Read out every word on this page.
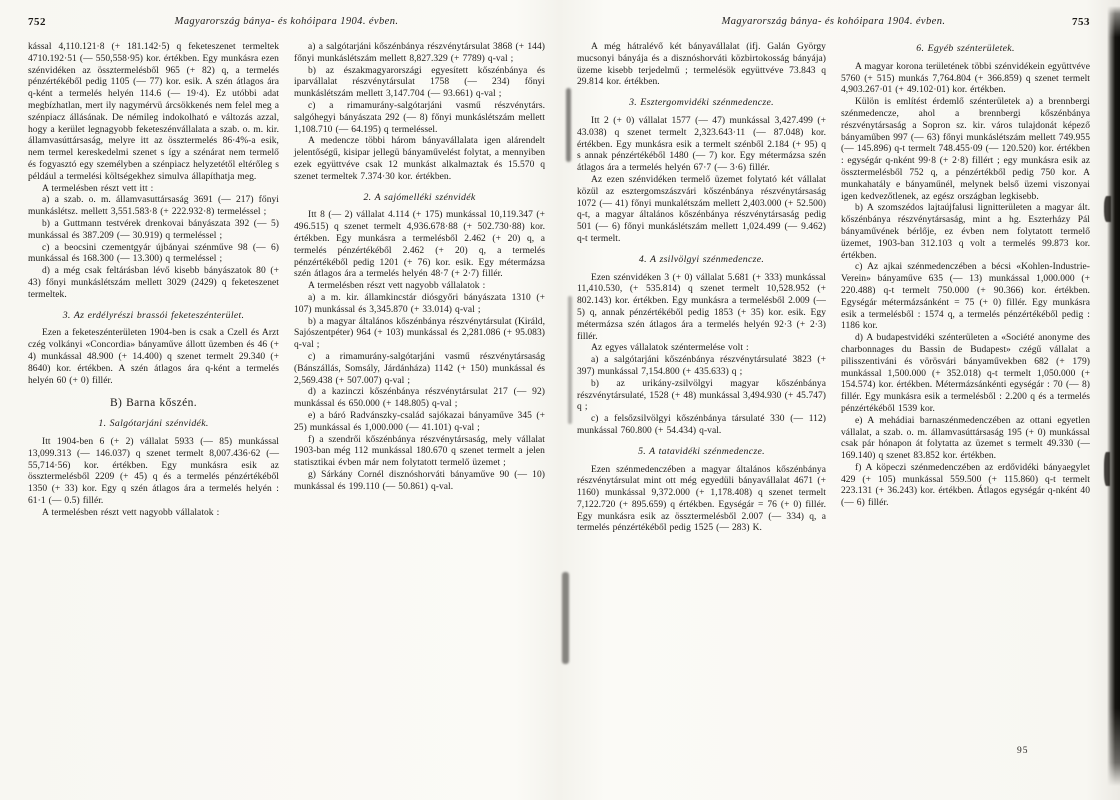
752	Magyarország bánya- és kohóipara 1904. évben.

kással 4,110.121·8 (+ 181.142·5) q feketeszenet termeltek 4710.192·51 (— 550,558·95) kor. értékben. Egy munkásra ezen szénvidéken az össztermelésből 965 (+ 82) q, a termelés pénzértékéből pedig 1105 (— 77) kor. esik. A szén átlagos ára q-ként a termelés helyén 114.6 (— 19·4). Ez utóbbi adat megbízhatlan, mert ily nagymérvü árcsökkenés nem felel meg a szénpiacz állásának. De némileg indokolható e változás azzal, hogy a kerület legnagyobb feketeszénvállalata a szab. o. m. kir. államvasúttársaság, melyre itt az össztermelés 86·4%-a esik, nem termel kereskedelmi szenet s így a szénárat nem termelő és fogyasztó egy személyben a szénpiacz helyzetétől eltérőleg s például a termelési költségekhez simulva állapíthatja meg.

A termelésben részt vett itt :

a) a szab. o. m. államvasuttársaság 3691 (— 217) főnyi munkáslétsz. mellett 3,551.583·8 (+ 222.932·8) termeléssel ;

b) a Guttmann testvérek drenkovai bányászata 392 (— 5) munkással és 387.209 (— 30.919) q termeléssel ;

c) a beocsini czementgyár újbányai szénműve 98 (— 6) munkással és 168.300 (— 13.300) q termeléssel ;

d) a még csak feltárásban lévő kisebb bányászatok 80 (+ 43) főnyi munkáslétszám mellett 3029 (2429) q feketeszenet termeltek.

3. Az erdélyrészi brassói feketeszénterület.

Ezen a feketeszénterületen 1904-ben is csak a Czell és Arzt czég volkányi «Concordia» bányaműve állott üzemben és 46 (+ 4) munkással 48.900 (+ 14.400) q szenet termelt 29.340 (+ 8640) kor. értékben. A szén átlagos ára q-ként a termelés helyén 60 (+ 0) fillér.

B) Barna kőszén.

1. Salgótarjáni szénvidék.

Itt 1904-ben 6 (+ 2) vállalat 5933 (— 85) munkással 13,099.313 (— 146.037) q szenet termelt 8,007.436·62 (— 55,714·56) kor. értékben. Egy munkásra esik az össztermelésből 2209 (+ 45) q és a termelés pénzértékéből 1350 (+ 33) kor. Egy q szén átlagos ára a termelés helyén : 61·1 (— 0.5) fillér.

A termelésben részt vett nagyobb vállalatok :

a) a salgótarjáni kőszénbánya részvénytársulat 3868 (+ 144) főnyi munkáslétszám mellett 8,827.329 (+ 7789) q-val ;

b) az északmagyarországi egyesített kőszénbánya és iparvállalat részvénytársulat 1758 (— 234) főnyi munkáslétszám mellett 3,147.704 (— 93.661) q-val ;

c) a rimamurány-salgótarjáni vasmű részvénytárs. salgóhegyi bányászata 292 (— 8) főnyi munkáslétszám mellett 1,108.710 (— 64.195) q termeléssel.

A medencze többi három bányavállalata igen alárendelt jelentőségű, kisipar jellegü bányaművelést folytat, a mennyiben ezek együttvéve csak 12 munkást alkalmaztak és 15.570 q szenet termeltek 7.374·30 kor. értékben.

2. A sajómelléki szénvidék

Itt 8 (— 2) vállalat 4.114 (+ 175) munkással 10,119.347 (+ 496.515) q szenet termelt 4,936.678·88 (+ 502.730·88) kor. értékben. Egy munkásra a termelésből 2.462 (+ 20) q, a termelés pénzértékéből 2.462 (+ 20) q, a termelés pénzértékéből pedig 1201 (+ 76) kor. esik. Egy métermázsa szén átlagos ára a termelés helyén 48·7 (+ 2·7) fillér.

A termelésben részt vett nagyobb vállalatok :

a) a m. kir. államkincstár diósgyőri bányászata 1310 (+ 107) munkással és 3,345.870 (+ 33.014) q-val ;

b) a magyar általános kőszénbánya részvénytársulat (Királd, Sajószentpéter) 964 (+ 103) munkással és 2,281.086 (+ 95.083) q-val ;

c) a rimamurány-salgótarjáni vasmű részvénytársaság (Bánszállás, Somsály, Járdánháza) 1142 (+ 150) munkással és 2,569.438 (+ 507.007) q-val ;

d) a kazinczi kőszénbánya részvénytársulat 217 (— 92) munkással és 650.000 (+ 148.805) q-val ;

e) a báró Radvánszky-család sajókazai bányaműve 345 (+ 25) munkással és 1,000.000 (— 41.101) q-val ;

f) a szendrői kőszénbánya részvénytársaság, mely vállalat 1903-ban még 112 munkással 180.670 q szenet termelt a jelen statisztikai évben már nem folytatott termelő üzemet ;

g) Sárkány Cornél disznóshorváti bányaműve 90 (— 10) munkással és 199.110 (— 50.861) q-val.

Magyarország bánya- és kohóipara 1904. évben.	753

A még hátralévő két bányavállalat (ifj. Galán György mucsonyi bányája és a disznóshorváti közbirtokosság bányája) üzeme kisebb terjedelmű ; termelésök együttvéve 73.843 q 29.814 kor. értékben.

3. Esztergomvidéki szénmedencze.

Itt 2 (+ 0) vállalat 1577 (— 47) munkással 3,427.499 (+ 43.038) q szenet termelt 2,323.643·11 (— 87.048) kor. értékben. Egy munkásra esik a termelt szénből 2.184 (+ 95) q s annak pénzértékéből 1480 (— 7) kor. Egy métermázsa szén átlagos ára a termelés helyén 67·7 (— 3·6) fillér.

Az ezen szénvidéken termelő üzemet folytató két vállalat közül az esztergomszászvári kőszénbánya részvénytársaság 1072 (— 41) főnyi munkalétszám mellett 2,403.000 (+ 52.500) q-t, a magyar általános kőszénbánya részvénytársaság pedig 501 (— 6) főnyi munkáslétszám mellett 1,024.499 (— 9.462) q-t termelt.

4. A zsilvölgyi szénmedencze.

Ezen szénvidéken 3 (+ 0) vállalat 5.681 (+ 333) munkással 11,410.530, (+ 535.814) q szenet termelt 10,528.952 (+ 802.143) kor. értékben. Egy munkásra a termelésből 2.009 (— 5) q, annak pénzértékéből pedig 1853 (+ 35) kor. esik. Egy métermázsa szén átlagos ára a termelés helyén 92·3 (+ 2·3) fillér.

Az egyes vállalatok széntermelése volt :

a) a salgótarjáni kőszénbánya részvénytársulaté 3823 (+ 397) munkással 7,154.800 (+ 435.633) q ;

b) az urikány-zsilvölgyi magyar kőszénbánya részvénytársulaté, 1528 (+ 48) munkással 3,494.930 (+ 45.747) q ;

c) a felsőzsilvölgyi kőszénbánya társulaté 330 (— 112) munkással 760.800 (+ 54.434) q-val.

5. A tatavidéki szénmedencze.

Ezen szénmedenczében a magyar általános kőszénbánya részvénytársulat mint ott még egyedüli bányavállalat 4671 (+ 1160) munkással 9,372.000 (+ 1,178.408) q szenet termelt 7,122.720 (+ 895.659) q értékben. Egységár = 76 (+ 0) fillér. Egy munkásra esik az össztermelésből 2.007 (— 334) q, a termelés pénzértékéből pedig 1525 (— 283) K.

6. Egyéb szénterületek.

A magyar korona területének többi szénvidékein együttvéve 5760 (+ 515) munkás 7,764.804 (+ 366.859) q szenet termelt 4,903.267·01 (+ 49.102·01) kor. értékben.

Külön is említést érdemlő szénterületek a) a brennbergi szénmedencze, ahol a brennbergi kőszénbánya részvénytársaság a Sopron sz. kir. város tulajdonát képező bányaműben 997 (— 63) főnyi munkáslétszám mellett 749.955 (— 145.896) q-t termelt 748.455·09 (— 120.520) kor. értékben : egységár q-nként 99·8 (+ 2·8) fillért ; egy munkásra esik az össztermelésből 752 q, a pénzértékből pedig 750 kor. A munkahatály e bányaműnél, melynek belső üzemi viszonyai igen kedvezőtlenek, az egész országban legkisebb.

b) A szomszédos lajtaújfalusi lignitterületen a magyar ált. kőszénbánya részvénytársaság, mint a hg. Eszterházy Pál bányaművének bérlője, ez évben nem folytatott termelő üzemet, 1903-ban 312.103 q volt a termelés 99.873 kor. értékben.

c) Az ajkai szénmedenczében a bécsi «Kohlen-Industrie-Verein» bányaműve 635 (— 13) munkással 1,000.000 (+ 220.488) q-t termelt 750.000 (+ 90.366) kor. értékben. Egységár métermázsánként = 75 (+ 0) fillér. Egy munkásra esik a termelésből : 1574 q, a termelés pénzértékéből pedig : 1186 kor.

d) A budapestvidéki szénterületen a «Société anonyme des charbonnages du Bassin de Budapest» czégű vállalat a pilisszentiváni és vörösvári bányaművekben 682 (+ 179) munkással 1,500.000 (+ 352.018) q-t termelt 1,050.000 (+ 154.574) kor. értékben. Métermázsánkénti egységár : 70 (— 8) fillér. Egy munkásra esik a termelésből : 2.200 q és a termelés pénzértékéből 1539 kor.

e) A mehádiai barnaszénmedenczében az ottani egyetlen vállalat, a szab. o. m. államvasúttársaság 195 (+ 0) munkással csak pár hónapon át folytatta az üzemet s termelt 49.330 (— 169.140) q szenet 83.852 kor. értékben.

f) A köpeczi szénmedenczében az erdővidéki bányaegylet 429 (+ 105) munkással 559.500 (+ 115.860) q-t termelt 223.131 (+ 36.243) kor. értékben. Átlagos egységár q-nként 40 (— 6) fillér.

95
